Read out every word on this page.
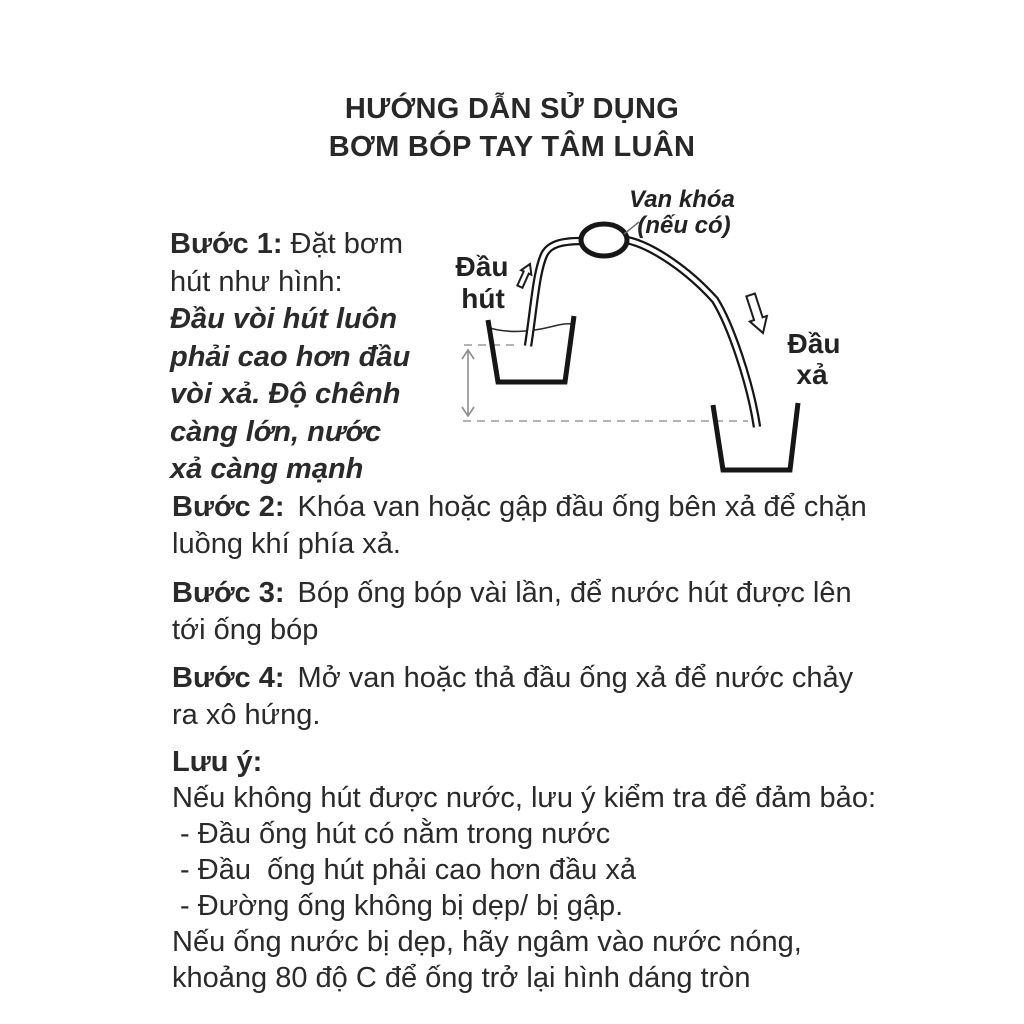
HƯỚNG DẪN SỬ DỤNG
BƠM BÓP TAY TÂM LUÂN
Bước 1: Đặt bơm
hút như hình:
Đầu vòi hút luôn
phải cao hơn đầu
vòi xả. Độ chênh
càng lớn, nước
xả càng mạnh
Van khóa
(nếu có)
Đầu
hút
Đầu
xả
Bước 2: Khóa van hoặc gập đầu ống bên xả để chặn
luồng khí phía xả.
Bước 3: Bóp ống bóp vài lần, để nước hút được lên
tới ống bóp
Bước 4: Mở van hoặc thả đầu ống xả để nước chảy
ra xô hứng.
Lưu ý:
Nếu không hút được nước, lưu ý kiểm tra để đảm bảo:
- Đầu ống hút có nằm trong nước
- Đầu  ống hút phải cao hơn đầu xả
- Đường ống không bị dẹp/ bị gập.
Nếu ống nước bị dẹp, hãy ngâm vào nước nóng,
khoảng 80 độ C để ống trở lại hình dáng tròn
